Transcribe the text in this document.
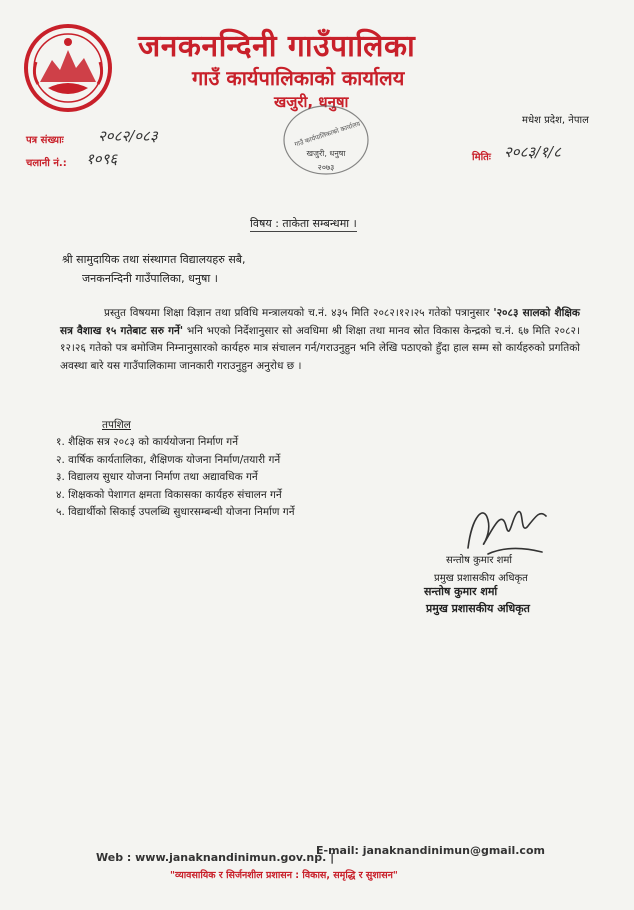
जनकनन्दिनी गाउँपालिका
गाउँ कार्यपालिकाको कार्यालय
खजुरी, धनुषा
मधेश प्रदेश, नेपाल
गाउँ कार्यपालिकाको कार्यालय
खजुरी, धनुषा
२०७३
पत्र संख्याः २०८२/०८३
चलानी नं.: १०९६	मितिः २०८३/१/८
विषय : ताकेता सम्बन्धमा ।
श्री सामुदायिक तथा संस्थागत विद्यालयहरु सबै,
जनकनन्दिनी गाउँपालिका, धनुषा ।
प्रस्तुत विषयमा शिक्षा विज्ञान तथा प्रविधि मन्त्रालयको च.नं. ४३५ मिति २०८२।१२।२५ गतेको पत्रानुसार '२०८३ सालको शैक्षिक सत्र वैशाख १५ गतेबाट सरु गर्ने' भनि भएको निर्देशानुसार सो अवधिमा श्री शिक्षा तथा मानव स्रोत विकास केन्द्रको च.नं. ६७ मिति २०८२।१२।२६ गतेको पत्र बमोजिम निम्नानुसारको कार्यहरु मात्र संचालन गर्न/गराउनुहुन भनि लेखि पठाएको हुँदा हाल सम्म सो कार्यहरुको प्रगतिको अवस्था बारे यस गाउँपालिकामा जानकारी गराउनुहुन अनुरोध छ ।
तपशिल
१. शैक्षिक सत्र २०८३ को कार्ययोजना निर्माण गर्ने
२. वार्षिक कार्यतालिका, शैक्षिणक योजना निर्माण/तयारी गर्ने
३. विद्यालय सुधार योजना निर्माण तथा अद्यावधिक गर्ने
४. शिक्षकको पेशागत क्षमता विकासका कार्यहरु संचालन गर्ने
५. विद्यार्थीको सिकाई उपलब्धि सुधारसम्बन्धी योजना निर्माण गर्ने
सन्तोष कुमार शर्मा
प्रमुख प्रशासकीय अधिकृत
सन्तोष कुमार शर्मा
प्रमुख प्रशासकीय अधिकृत
Web : www.janaknandinimun.gov.np. |
E-mail: janaknandinimun@gmail.com
"व्यावसायिक र सिर्जनशील प्रशासन : विकास, समृद्धि र सुशासन"
